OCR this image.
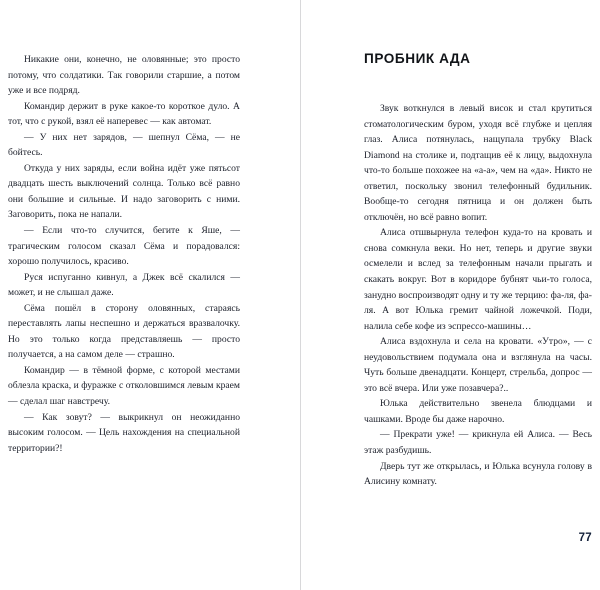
Никакие они, конечно, не оловянные; это просто потому, что солдатики. Так говорили старшие, а потом уже и все подряд.

Командир держит в руке какое-то короткое дуло. А тот, что с рукой, взял её наперевес — как автомат.

— У них нет зарядов, — шепнул Сёма, — не бойтесь.

Откуда у них заряды, если война идёт уже пятьсот двадцать шесть выключений солнца. Только всё равно они большие и сильные. И надо заговорить с ними. Заговорить, пока не напали.

— Если что-то случится, бегите к Яше, — трагическим голосом сказал Сёма и порадовался: хорошо получилось, красиво.

Руся испуганно кивнул, а Джек всё скалился — может, и не слышал даже.

Сёма пошёл в сторону оловянных, стараясь переставлять лапы неспешно и держаться вразвалочку. Но это только когда представляешь — просто получается, а на самом деле — страшно.

Командир — в тёмной форме, с которой местами облезла краска, и фуражке с отколовшимся левым краем — сделал шаг навстречу.

— Как зовут? — выкрикнул он неожиданно высоким голосом. — Цель нахождения на специальной территории?!

ПРОБНИК АДА

Звук воткнулся в левый висок и стал крутиться стоматологическим буром, уходя всё глубже и цепляя глаз. Алиса потянулась, нащупала трубку Black Diamond на столике и, подтащив её к лицу, выдохнула что-то больше похожее на «а-а», чем на «да». Никто не ответил, поскольку звонил телефонный будильник. Вообще-то сегодня пятница и он должен быть отключён, но всё равно вопит.

Алиса отшвырнула телефон куда-то на кровать и снова сомкнула веки. Но нет, теперь и другие звуки осмелели и вслед за телефонным начали прыгать и скакать вокруг. Вот в коридоре бубнят чьи-то голоса, занудно воспроизводят одну и ту же терцию: фа-ля, фа-ля. А вот Юлька гремит чайной ложечкой. Поди, налила себе кофе из эспрессо-машины…

Алиса вздохнула и села на кровати. «Утро», — с неудовольствием подумала она и взглянула на часы. Чуть больше двенадцати. Концерт, стрельба, допрос — это всё вчера. Или уже позавчера?..

Юлька действительно звенела блюдцами и чашками. Вроде бы даже нарочно.

— Прекрати уже! — крикнула ей Алиса. — Весь этаж разбудишь.

Дверь тут же открылась, и Юлька всунула голову в Алисину комнату.

77
